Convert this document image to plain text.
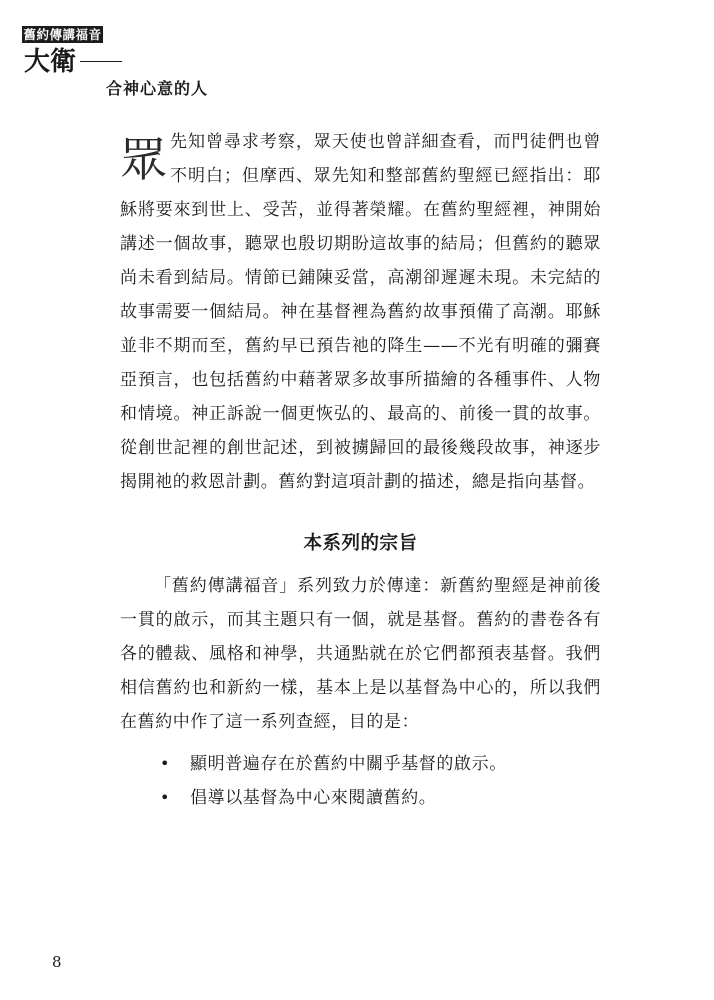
舊約傳講福音
大衛
合神心意的人

眾先知曾尋求考察，眾天使也曾詳細查看，而門徒們也曾不明白；但摩西、眾先知和整部舊約聖經已經指出：耶穌將要來到世上、受苦，並得著榮耀。在舊約聖經裡，神開始講述一個故事，聽眾也殷切期盼這故事的結局；但舊約的聽眾尚未看到結局。情節已鋪陳妥當，高潮卻遲遲未現。未完結的故事需要一個結局。神在基督裡為舊約故事預備了高潮。耶穌並非不期而至，舊約早已預告祂的降生——不光有明確的彌賽亞預言，也包括舊約中藉著眾多故事所描繪的各種事件、人物和情境。神正訴說一個更恢弘的、最高的、前後一貫的故事。從創世記裡的創世記述，到被擄歸回的最後幾段故事，神逐步揭開祂的救恩計劃。舊約對這項計劃的描述，總是指向基督。

本系列的宗旨

「舊約傳講福音」系列致力於傳達：新舊約聖經是神前後一貫的啟示，而其主題只有一個，就是基督。舊約的書卷各有各的體裁、風格和神學，共通點就在於它們都預表基督。我們相信舊約也和新約一樣，基本上是以基督為中心的，所以我們在舊約中作了這一系列查經，目的是：

• 顯明普遍存在於舊約中關乎基督的啟示。
• 倡導以基督為中心來閱讀舊約。
8
